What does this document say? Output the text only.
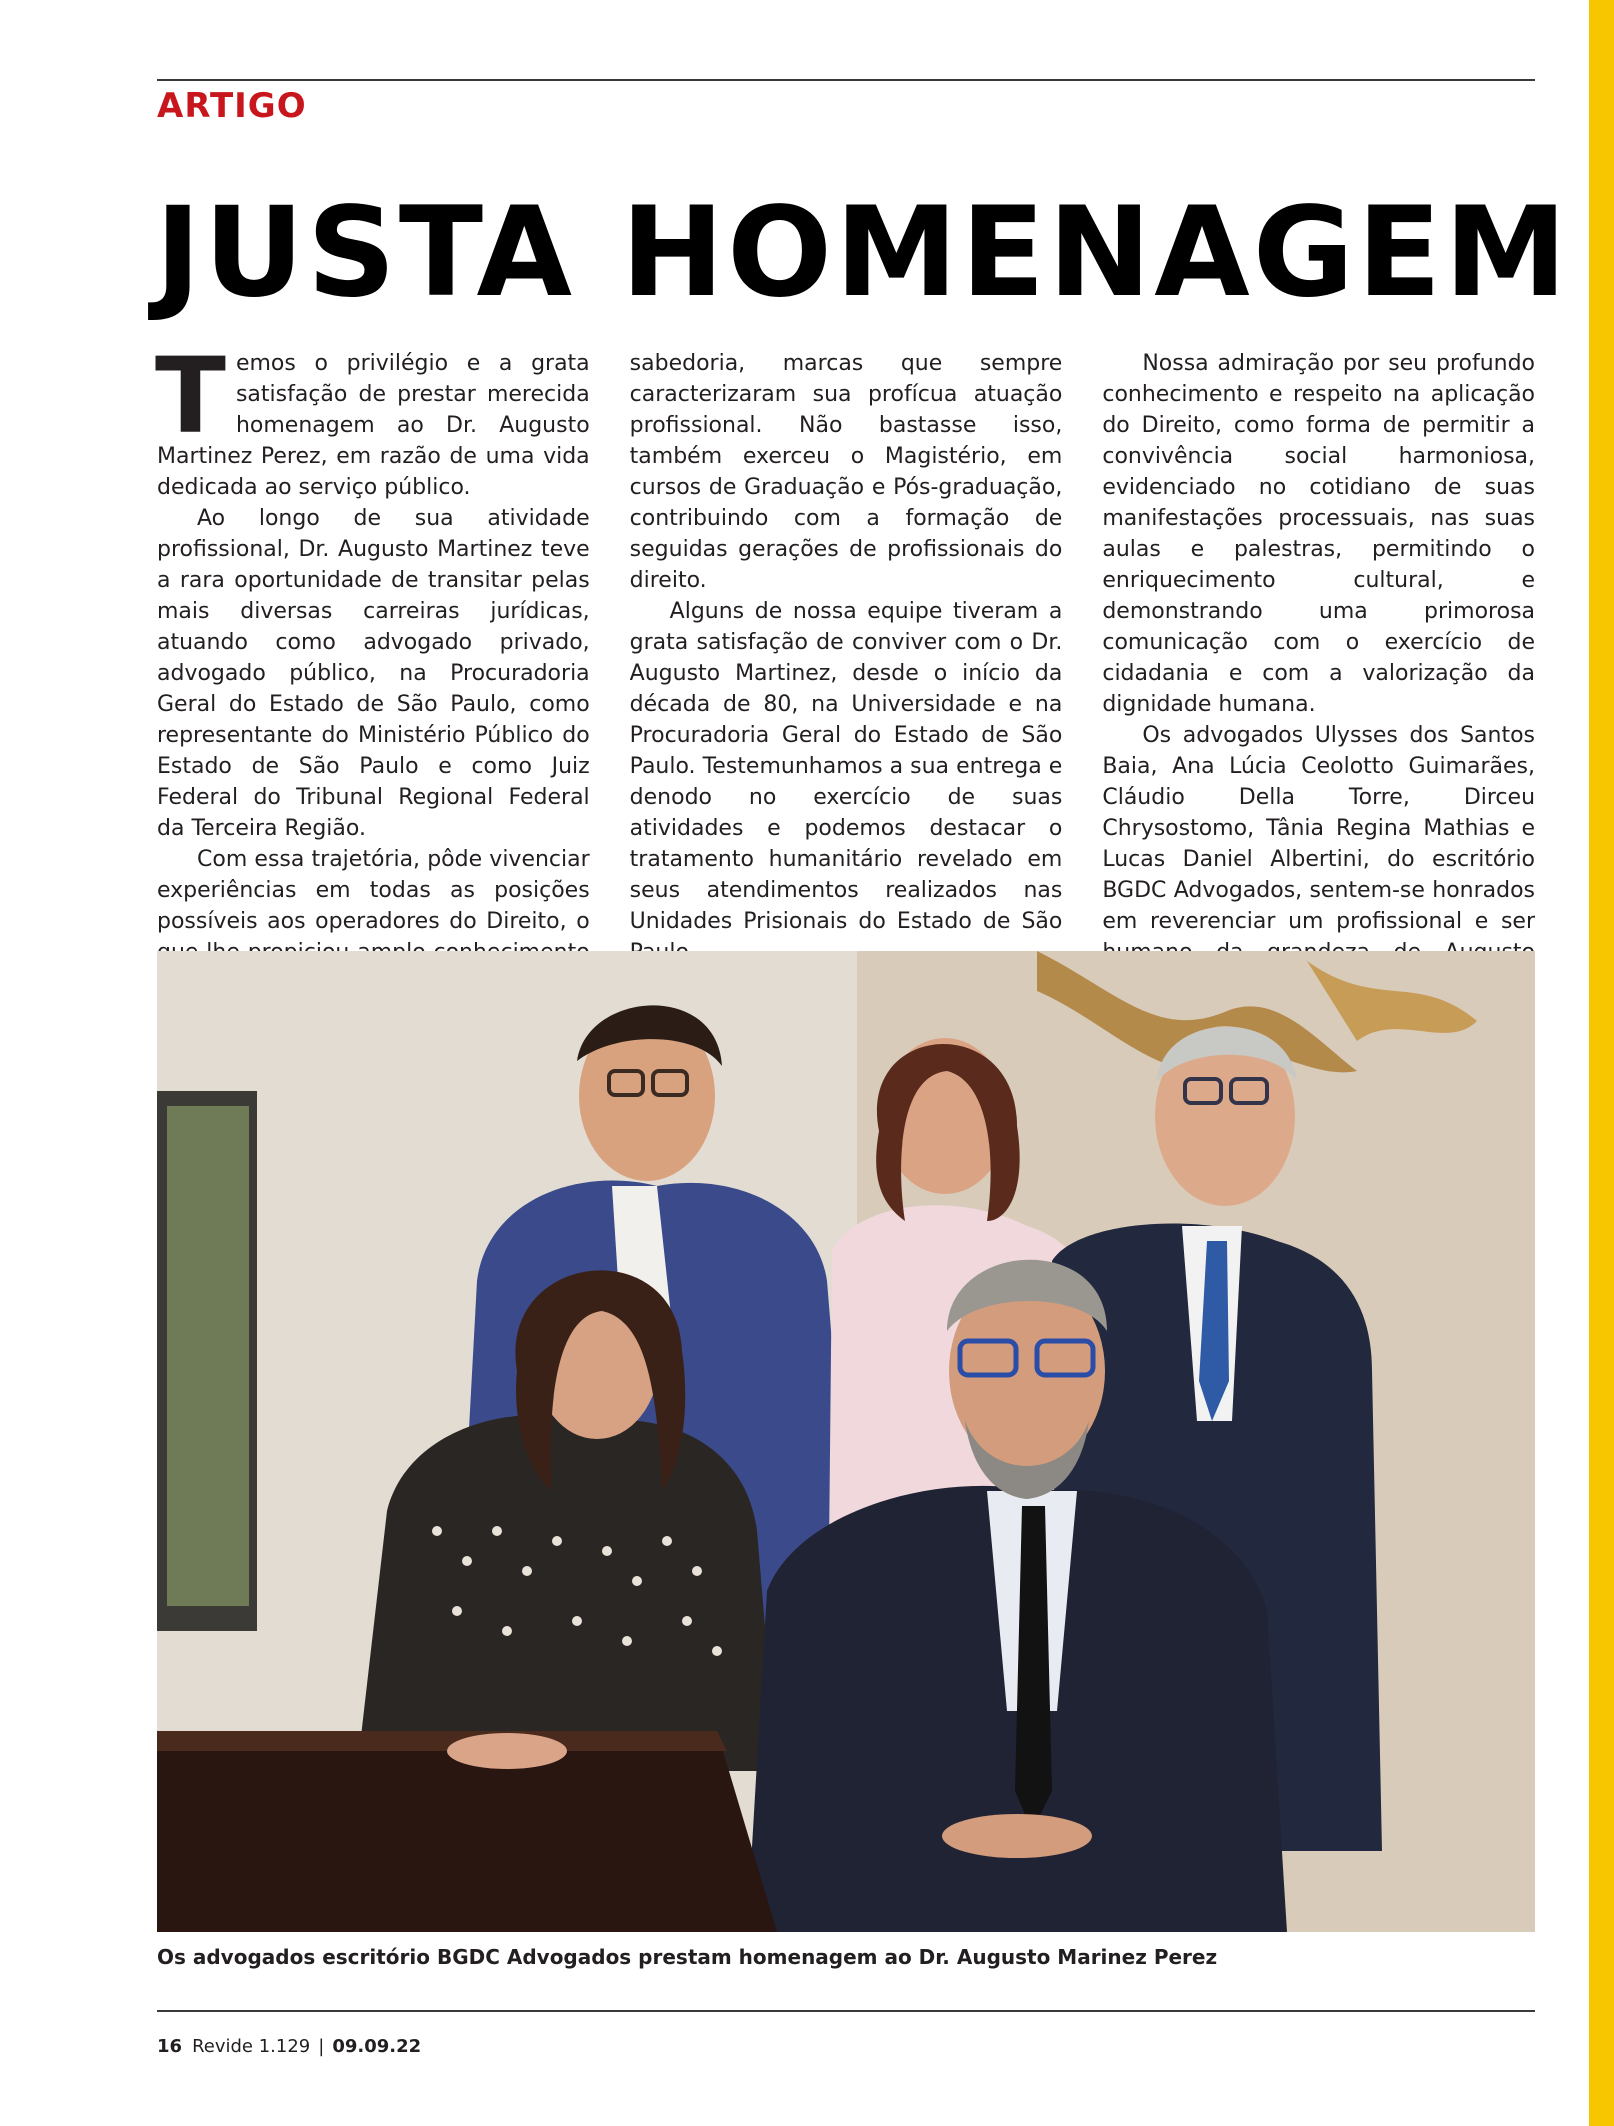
ARTIGO
JUSTA HOMENAGEM

Temos o privilégio e a grata satisfação de prestar merecida homenagem ao Dr. Augusto Martinez Perez, em razão de uma vida dedicada ao serviço público.

Ao longo de sua atividade profissional, Dr. Augusto Martinez teve a rara oportunidade de transitar pelas mais diversas carreiras jurídicas, atuando como advogado privado, advogado público, na Procuradoria Geral do Estado de São Paulo, como representante do Ministério Público do Estado de São Paulo e como Juiz Federal do Tribunal Regional Federal da Terceira Região.

Com essa trajetória, pôde vivenciar experiências em todas as posições possíveis aos operadores do Direito, o

sabedoria, marcas que sempre caracterizaram sua profícua atuação profissional. Não bastasse isso, também exerceu o Magistério, em cursos de Graduação e Pós-graduação, contribuindo com a formação de seguidas gerações de profissionais do direito.

Alguns de nossa equipe tiveram a grata satisfação de conviver com o Dr. Augusto Martinez, desde o início da década de 80, na Universidade e na Procuradoria Geral do Estado de São Paulo. Testemunhamos a sua entrega e denodo no exercício de suas atividades e podemos destacar o tratamento humanitário revelado em seus atendimentos realizados nas Unidades Prisionais do Estado de São

Nossa admiração por seu profundo conhecimento e respeito na aplicação do Direito, como forma de permitir a convivência social harmoniosa, evidenciado no cotidiano de suas manifestações processuais, nas suas aulas e palestras, permitindo o enriquecimento cultural, e demonstrando uma primorosa comunicação com o exercício de cidadania e com a valorização da dignidade humana.

Os advogados Ulysses dos Santos Baia, Ana Lúcia Ceolotto Guimarães, Cláudio Della Torre, Dirceu Chrysostomo, Tânia Regina Mathias e Lucas Daniel Albertini, do escritório BGDC Advogados, sentem-se honrados em reverenciar um profissional e ser

Os advogados escritório BGDC Advogados prestam homenagem ao Dr. Augusto Marinez Perez

16 Revide 1.129 | 09.09.22
